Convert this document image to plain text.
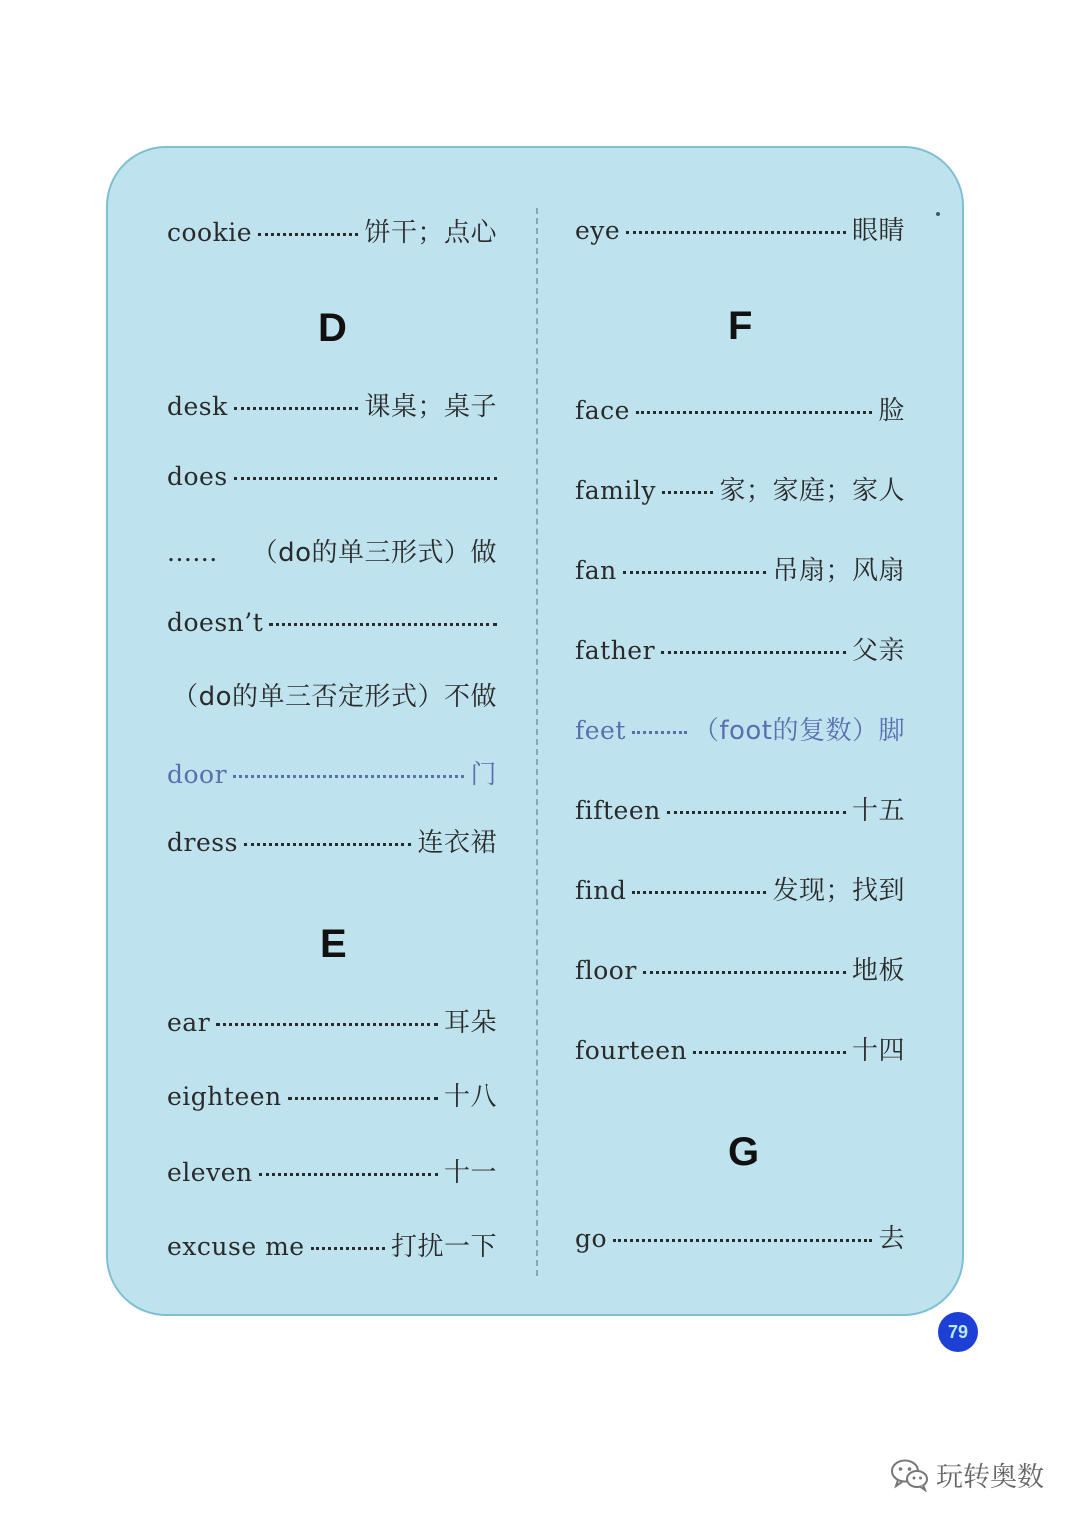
cookie	饼干；点心
D
desk	课桌；桌子
does
...... （do的单三形式）做
doesn’t
（do的单三否定形式）不做
door	门
dress	连衣裙
E
ear	耳朵
eighteen	十八
eleven	十一
excuse me	打扰一下
eye	眼睛
F
face	脸
family 家；家庭；家人
fan	吊扇；风扇
father	父亲
feet	（foot的复数）脚
fifteen	十五
find	发现；找到
floor	地板
fourteen	十四
G
go	去
79
玩转奥数
